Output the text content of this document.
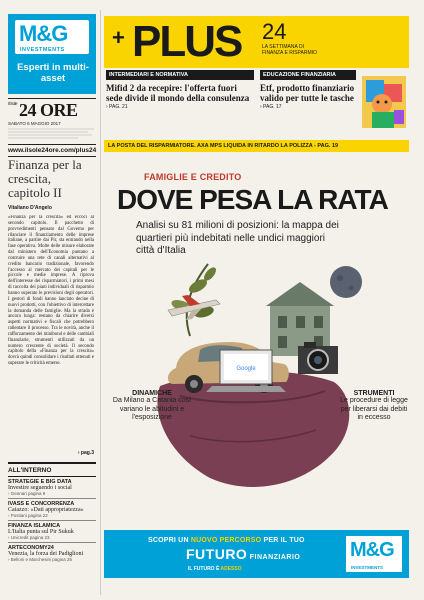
M&G
INVESTMENTS
Esperti in multi-asset
$^{Il Sole}$ 24 ORE
SABATO 6 MAGGIO 2017
www.ilsole24ore.com/plus24
Finanza per la crescita, capitolo II
Vitaliano D'Angelo
«Finanza per la crescita» ed eccoci al secondo capitolo. Il pacchetto di provvedimenti pensato dal Governo per rilanciare il finanziamento delle imprese italiane, a partire dai Pir, sta entrando nella fase operativa. Molte delle misure elaborate dal ministero dell'Economia puntano a costruire una rete di canali alternativi al credito bancario tradizionale, favorendo l'accesso al mercato dei capitali per le piccole e medie imprese. A riprova dell'interesse dei risparmiatori, i primi mesi di raccolta dei piani individuali di risparmio hanno superato le previsioni degli operatori. I gestori di fondi hanno lanciato decine di nuovi prodotti, con l'obiettivo di intercettare la domanda delle famiglie. Ma la strada è ancora lunga: restano da chiarire diversi aspetti normativi e fiscali che potrebbero rallentare il processo. Tra le novità, anche il rafforzamento dei minibond e delle cambiali finanziarie, strumenti utilizzati da un numero crescente di società. Il secondo capitolo della «Finanza per la crescita» dovrà quindi consolidare i risultati ottenuti e superare le criticità emerse.
› pag.3
ALL'INTERNO
STRATEGIE E BIG DATA
Investire seguendo i social
› Gennari pagina 9
IVASS E CONCORRENZA
Caiazzo: «Dati appropriatezza»
› Postiani pagina 22
FINANZA ISLAMICA
L'Italia punta sul Pir Sukuk
› Unicredit pagina 23
ARTECONOMY24
Venezia, la forza dei Padiglioni
› Belloni e Marchesini pagina 26
+ PLUS 24
LA SETTIMANA DI FINANZA E RISPARMIO
INTERMEDIARI E NORMATIVA
Mifid 2 da recepire: l'offerta fuori sede divide il mondo della consulenza
› PAG. 21
EDUCAZIONE FINANZIARIA
Etf, prodotto finanziario valido per tutte le tasche
› PAG. 17
LA POSTA DEL RISPARMIATORE. AXA MPS LIQUIDA IN RITARDO LA POLIZZA - PAG. 19
FAMIGLIE E CREDITO
DOVE PESA LA RATA
Analisi su 81 milioni di posizioni: la mappa dei quartieri più indebitati nelle undici maggiori città d'Italia
Google
DINAMICHE
Da Milano a Catania così variano le abitudini e l'esposizione
STRUMENTI
Le procedure di legge per liberarsi dai debiti in eccesso
SCOPRI UN NUOVO PERCORSO PER IL TUO
FUTURO FINANZIARIO
IL FUTURO È ADESSO
M&G
INVESTMENTS
